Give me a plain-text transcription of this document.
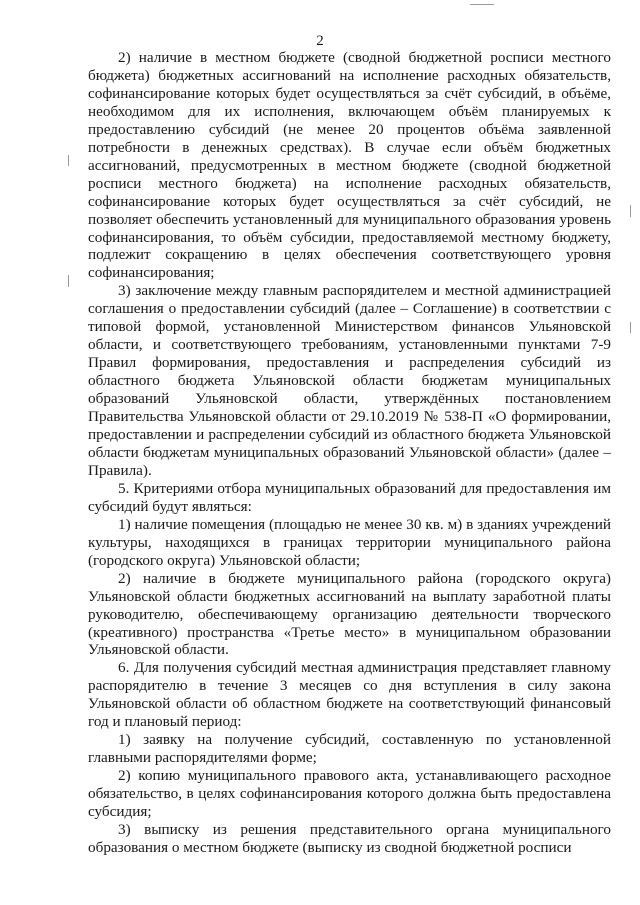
2

2) наличие в местном бюджете (сводной бюджетной росписи местного бюджета) бюджетных ассигнований на исполнение расходных обязательств, софинансирование которых будет осуществляться за счёт субсидий, в объёме, необходимом для их исполнения, включающем объём планируемых к предоставлению субсидий (не менее 20 процентов объёма заявленной потребности в денежных средствах). В случае если объём бюджетных ассигнований, предусмотренных в местном бюджете (сводной бюджетной росписи местного бюджета) на исполнение расходных обязательств, софинансирование которых будет осуществляться за счёт субсидий, не позволяет обеспечить установленный для муниципального образования уровень софинансирования, то объём субсидии, предоставляемой местному бюджету, подлежит сокращению в целях обеспечения соответствующего уровня софинансирования;

3) заключение между главным распорядителем и местной администрацией соглашения о предоставлении субсидий (далее – Соглашение) в соответствии с типовой формой, установленной Министерством финансов Ульяновской области, и соответствующего требованиям, установленными пунктами 7-9 Правил формирования, предоставления и распределения субсидий из областного бюджета Ульяновской области бюджетам муниципальных образований Ульяновской области, утверждённых постановлением Правительства Ульяновской области от 29.10.2019 № 538-П «О формировании, предоставлении и распределении субсидий из областного бюджета Ульяновской области бюджетам муниципальных образований Ульяновской области» (далее – Правила).

5. Критериями отбора муниципальных образований для предоставления им субсидий будут являться:

1) наличие помещения (площадью не менее 30 кв. м) в зданиях учреждений культуры, находящихся в границах территории муниципального района (городского округа) Ульяновской области;

2) наличие в бюджете муниципального района (городского округа) Ульяновской области бюджетных ассигнований на выплату заработной платы руководителю, обеспечивающему организацию деятельности творческого (креативного) пространства «Третье место» в муниципальном образовании Ульяновской области.

6. Для получения субсидий местная администрация представляет главному распорядителю в течение 3 месяцев со дня вступления в силу закона Ульяновской области об областном бюджете на соответствующий финансовый год и плановый период:

1) заявку на получение субсидий, составленную по установленной главными распорядителями форме;

2) копию муниципального правового акта, устанавливающего расходное обязательство, в целях софинансирования которого должна быть предоставлена субсидия;

3) выписку из решения представительного органа муниципального образования о местном бюджете (выписку из сводной бюджетной росписи
